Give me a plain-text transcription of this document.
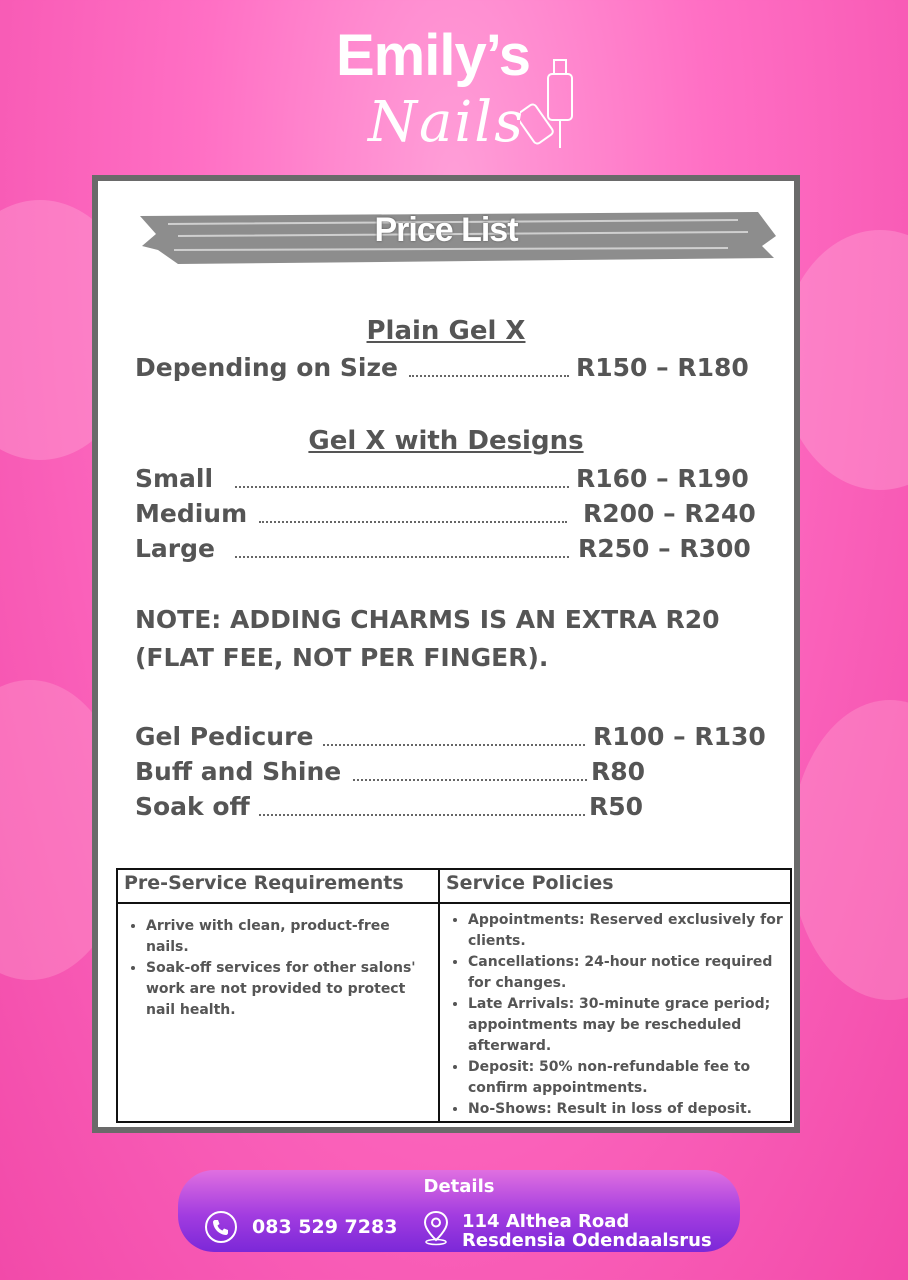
Emily’s
Nails
Price List
Plain Gel X
Depending on Size	R150 – R180
Gel X with Designs
Small	R160 – R190
Medium	R200 – R240
Large	R250 – R300
NOTE: ADDING CHARMS IS AN EXTRA R20
(FLAT FEE, NOT PER FINGER).
Gel Pedicure	R100 – R130
Buff and Shine	R80
Soak off	R50
Pre-Service Requirements
• Arrive with clean, product-free nails.
• Soak-off services for other salons' work are not provided to protect nail health.
Service Policies
• Appointments: Reserved exclusively for clients.
• Cancellations: 24-hour notice required for changes.
• Late Arrivals: 30-minute grace period; appointments may be rescheduled afterward.
• Deposit: 50% non-refundable fee to confirm appointments.
• No-Shows: Result in loss of deposit.
Details
083 529 7283	114 Althea Road
Resdensia Odendaalsrus
